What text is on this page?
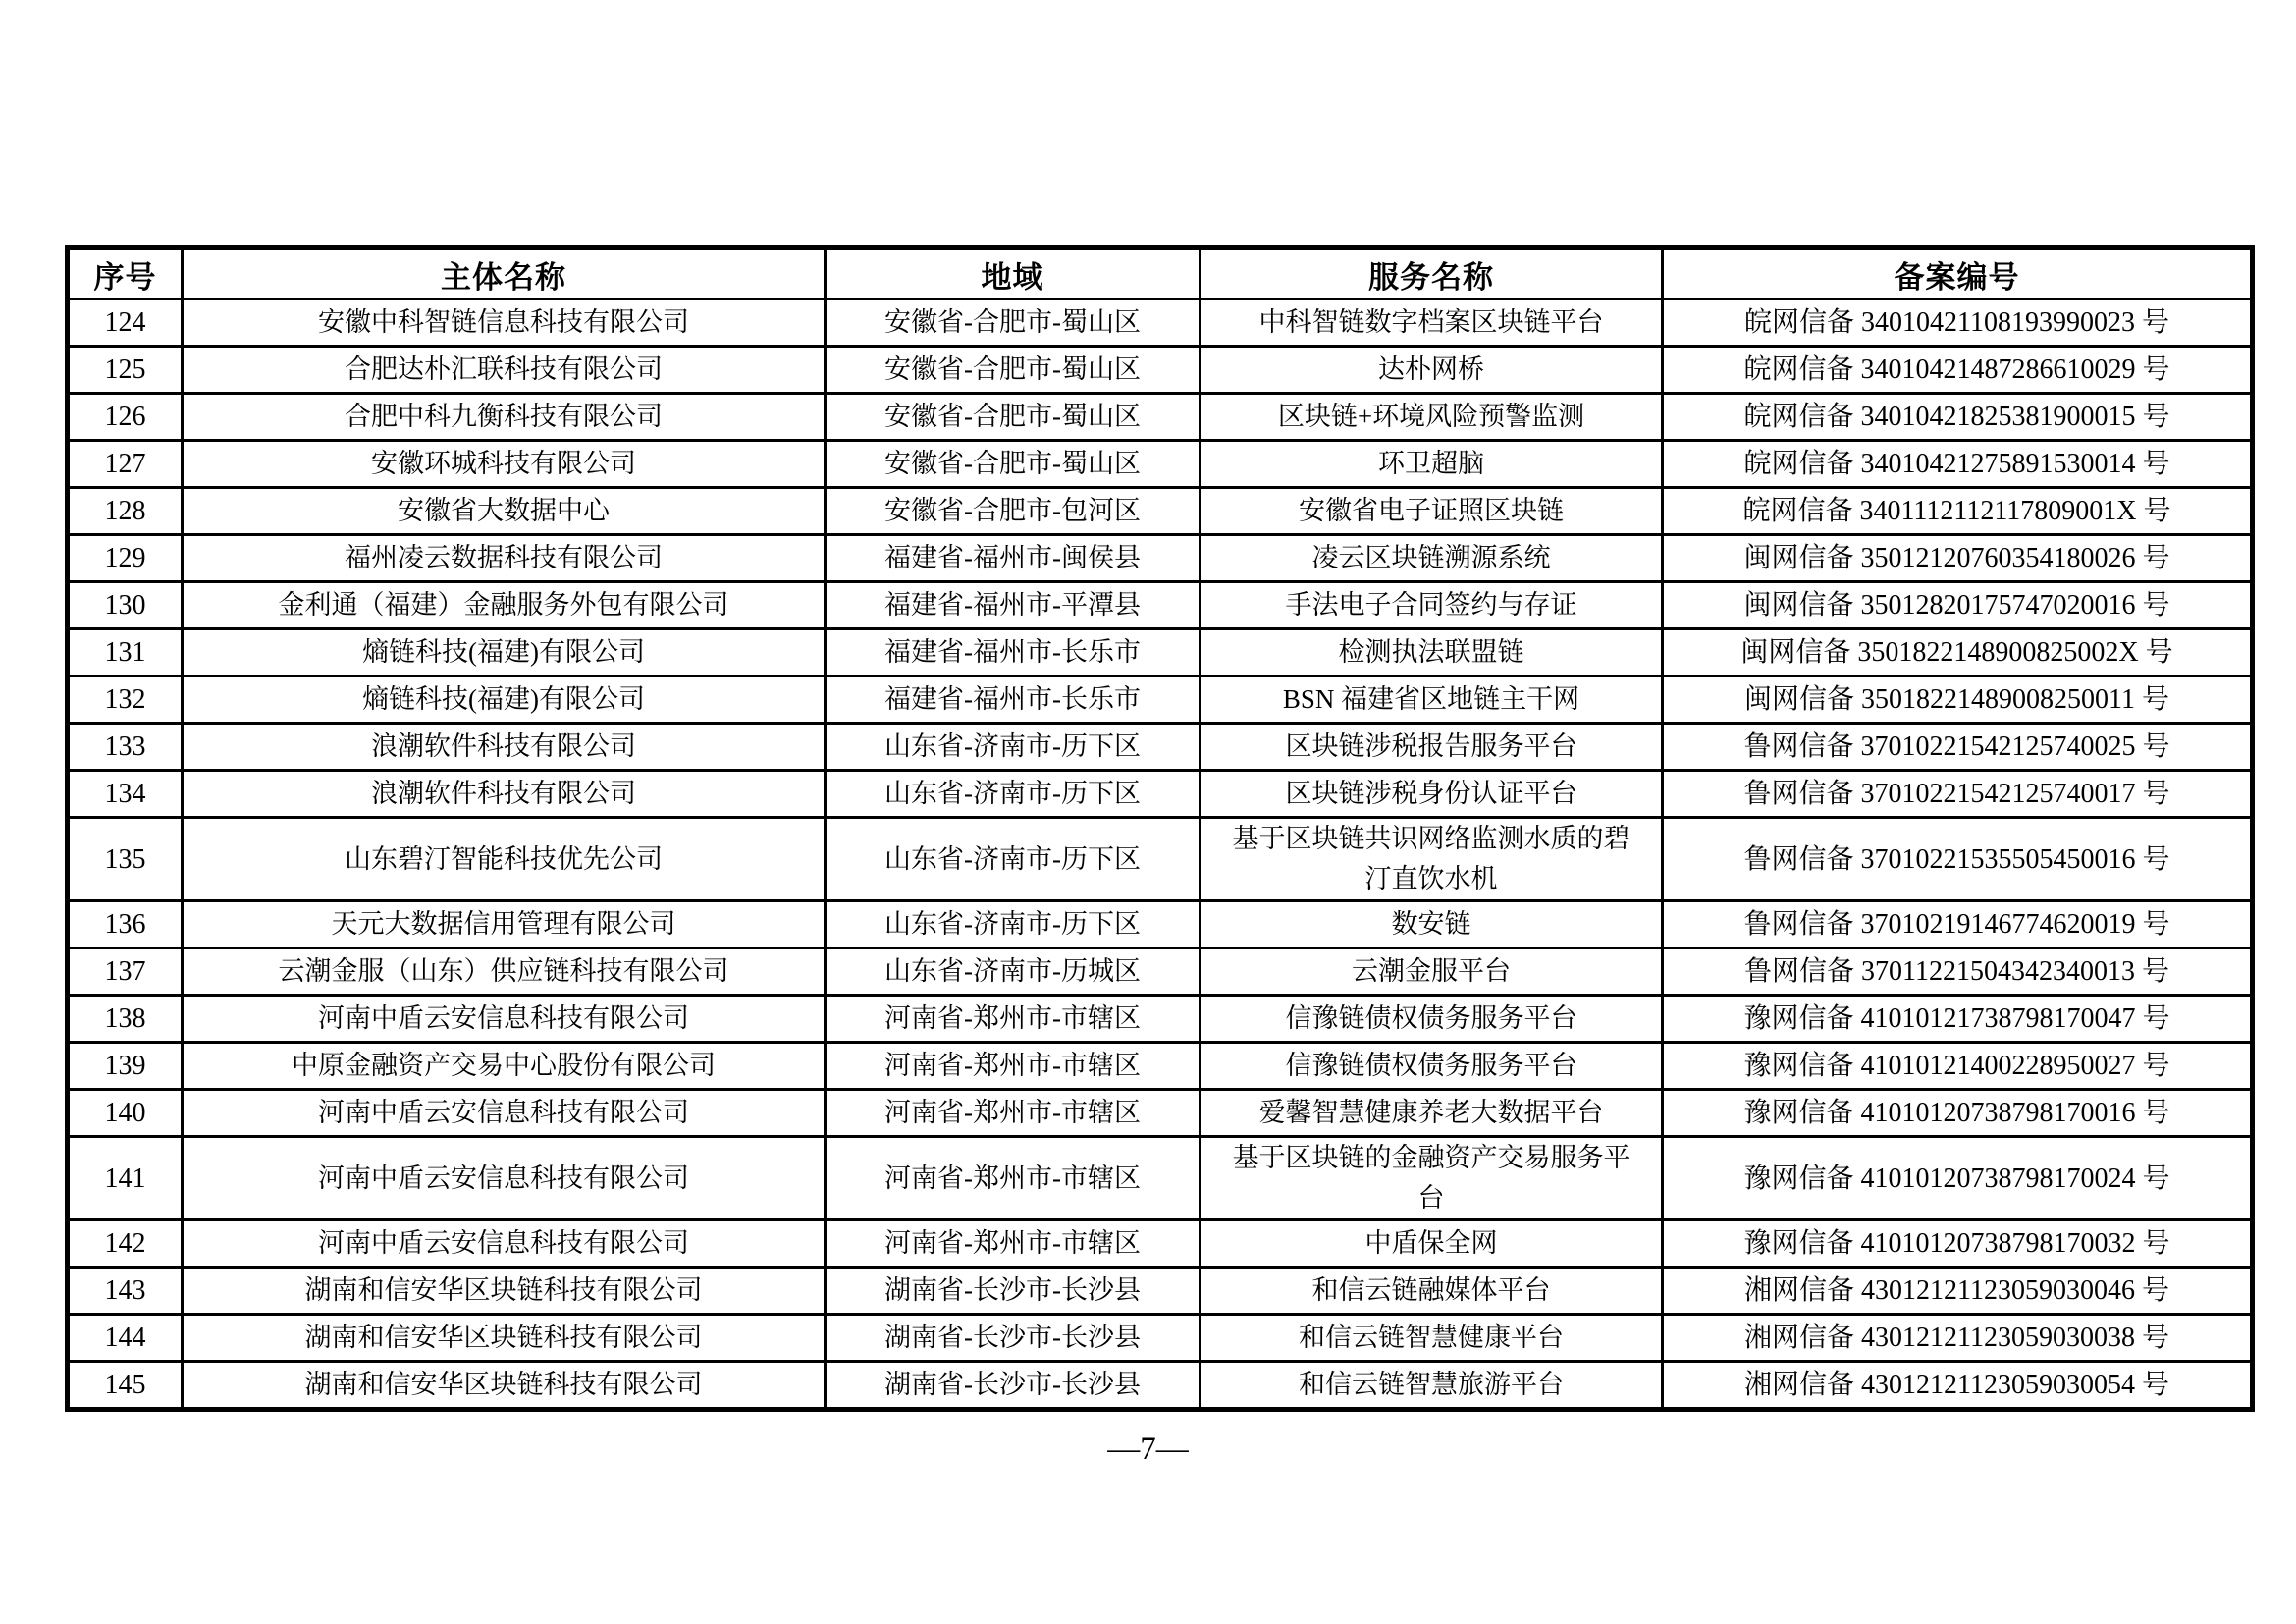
序号	主体名称	地域	服务名称	备案编号
124	安徽中科智链信息科技有限公司	安徽省-合肥市-蜀山区	中科智链数字档案区块链平台	皖网信备 34010421108193990023 号
125	合肥达朴汇联科技有限公司	安徽省-合肥市-蜀山区	达朴网桥	皖网信备 34010421487286610029 号
126	合肥中科九衡科技有限公司	安徽省-合肥市-蜀山区	区块链+环境风险预警监测	皖网信备 34010421825381900015 号
127	安徽环城科技有限公司	安徽省-合肥市-蜀山区	环卫超脑	皖网信备 34010421275891530014 号
128	安徽省大数据中心	安徽省-合肥市-包河区	安徽省电子证照区块链	皖网信备 3401112112117809001X 号
129	福州凌云数据科技有限公司	福建省-福州市-闽侯县	凌云区块链溯源系统	闽网信备 35012120760354180026 号
130	金利通（福建）金融服务外包有限公司	福建省-福州市-平潭县	手法电子合同签约与存证	闽网信备 35012820175747020016 号
131	熵链科技(福建)有限公司	福建省-福州市-长乐市	检测执法联盟链	闽网信备 3501822148900825002X 号
132	熵链科技(福建)有限公司	福建省-福州市-长乐市	BSN 福建省区地链主干网	闽网信备 35018221489008250011 号
133	浪潮软件科技有限公司	山东省-济南市-历下区	区块链涉税报告服务平台	鲁网信备 37010221542125740025 号
134	浪潮软件科技有限公司	山东省-济南市-历下区	区块链涉税身份认证平台	鲁网信备 37010221542125740017 号
135	山东碧汀智能科技优先公司	山东省-济南市-历下区	基于区块链共识网络监测水质的碧汀直饮水机	鲁网信备 37010221535505450016 号
136	天元大数据信用管理有限公司	山东省-济南市-历下区	数安链	鲁网信备 37010219146774620019 号
137	云潮金服（山东）供应链科技有限公司	山东省-济南市-历城区	云潮金服平台	鲁网信备 37011221504342340013 号
138	河南中盾云安信息科技有限公司	河南省-郑州市-市辖区	信豫链债权债务服务平台	豫网信备 41010121738798170047 号
139	中原金融资产交易中心股份有限公司	河南省-郑州市-市辖区	信豫链债权债务服务平台	豫网信备 41010121400228950027 号
140	河南中盾云安信息科技有限公司	河南省-郑州市-市辖区	爱馨智慧健康养老大数据平台	豫网信备 41010120738798170016 号
141	河南中盾云安信息科技有限公司	河南省-郑州市-市辖区	基于区块链的金融资产交易服务平台	豫网信备 41010120738798170024 号
142	河南中盾云安信息科技有限公司	河南省-郑州市-市辖区	中盾保全网	豫网信备 41010120738798170032 号
143	湖南和信安华区块链科技有限公司	湖南省-长沙市-长沙县	和信云链融媒体平台	湘网信备 43012121123059030046 号
144	湖南和信安华区块链科技有限公司	湖南省-长沙市-长沙县	和信云链智慧健康平台	湘网信备 43012121123059030038 号
145	湖南和信安华区块链科技有限公司	湖南省-长沙市-长沙县	和信云链智慧旅游平台	湘网信备 43012121123059030054 号
—7—
